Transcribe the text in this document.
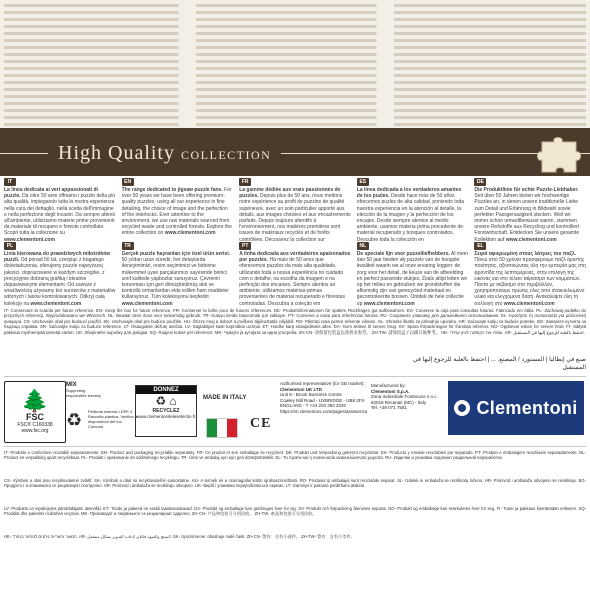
High Quality COLLECTION
IT
La linea dedicata ai veri appassionati di puzzle. Da oltre 50 anni offriamo i puzzle della più alta qualità, impiegando tutta la nostra esperienza nella cura del dettaglio, nella scelta dell'immagine e nella perfezione degli incastri. Da sempre attenti all'ambiente, utilizziamo materie prime provenienti da materiale di recupero e foreste controllate. Scopri tutta la collezione su www.clementoni.com
EN
The range dedicated to jigsaw puzzle fans. For over 50 years we have been offering premium-quality puzzles, using all our experience in fine detailing, the choice of image and the perfection of the interlocks. Ever attentive to the environment, we use raw materials sourced from recycled waste and controlled forests. Explore the entire collection on www.clementoni.com
FR
La gamme dédiée aux vrais passionnés de puzzles. Depuis plus de 50 ans, nous mettons notre expérience au profit de puzzles de qualité supérieure, avec un soin particulier apporté aux détails, aux images choisies et aux encastrements parfaits. Depuis toujours attentifs à l'environnement, nos matières premières sont issues de matériaux recyclés et de forêts contrôlées. Découvrez la collection sur
ES
La línea dedicada a los verdaderos amantes de los puzles. Desde hace más de 50 años ofrecemos puzles de alta calidad, poniendo toda nuestra experiencia en la atención al detalle, la elección de la imagen y la perfección de los encajes. Desde siempre atentos al medio ambiente, usamos materia prima procedente de material recuperado y bosques controlados. Descubre toda la colección en
DE
Die Produktlinie für echte Puzzle-Liebhaber. Seit über 50 Jahren bieten wir hochwertige Puzzles an, in denen unsere traditionelle Liebe zum Detail und Erfahrung in Bildwahl sowie perfekter Passgenauigkeit stecken. Weil wir immer schon umweltbewusst waren, stammen unsere Rohstoffe aus Recycling und kontrolliert Forstwirtschaft. Entdecken Sie unsere gesamte Kollektion auf www.clementoni.com
PL
Linia kierowana do prawdziwych miłośników puzzli. Od ponad 50 lat, czerpiąc z bogatego doświadczenia, oferujemy puzzle najwyższej jakości, dopracowane w każdym szczególe, z precyzyjnie dobraną grafiką i idealnie dopasowanymi elementami. Od zawsze z wrażliwością używamy też surowców z materiałów wtórnych i lasów kontrolowanych. Odkryj całą kolekcję na www.clementoni.com
TR
Gerçek puzzle hayranları için özel ürün serisi. 50 yıldan uzun süredir, her detaylarda deneyimimizi, resim seçimimizi ve birbirine mükemmel uyan parçalarımızı sayesinde birinci sınıf kalitede yapbozlar sunuyoruz. Çevrenin korunması için geri dönüştürülmüş atık ve kontrollü ormanlardan elde edilen ham maddeler kullanıyoruz. Tüm koleksiyonu keşfedin: www.clementoni.com
PT
A linha dedicada aos verdadeiros apaixonados por puzzles. Há mais de 50 anos que oferecemos puzzles da mais alta qualidade, utilizando toda a nossa experiência no cuidado com o detalhe, na escolha da imagem e na perfeição dos encaixes. Sempre atentos ao ambiente, utilizamos matérias-primas provenientes de material recuperado e florestas controladas. Descubra a coleção em
NL
De speciale lijn voor puzzelliefhebbers. Al meer dan 50 jaar bieden wij puzzels van de hoogste kwaliteit waarin we al onze ervaring leggen: de zorg voor het detail, de keuze van de afbeelding en perfect passende stukjes. Zoals altijd letten we op het milieu en gebruiken we grondstoffen die afkomstig zijn van gerecycled materiaal en gecontroleerde bossen. Ontdek de hele collectie op www.clementoni.com
EL
Σειρά αφιερωμένη στους λάτρεις του παζλ. Πάνω από 50 χρόνια προσφέρουμε παζλ άριστης ποιότητας, αξιοποιώντας όλη την εμπειρία μας στη φροντίδα της λεπτομέρειας, στην επιλογή της εικόνας και στο τέλειο ταίριασμα των κομματιών. Πάντα με σεβασμό στο περιβάλλον, χρησιμοποιούμε πρώτες ύλες από ανακυκλωμένο υλικό και ελεγχόμενα δάση. Ανακαλύψτε όλη τη συλλογή στο www.clementoni.com
IT- Conservare la scatola per future referenze. EN- Keep the box for future reference. FR- Conserver la boîte pour de futures références. DE- Produktinformationen für spätere Rückfragen gut aufbewahren. ES- Conserve la caja para consultas futuras. Fabricado em Itália. PL- Zachowaj pudełko do przyszłych referencji. Wyprodukowano we Włoszech. NL- Bewaar deze doos voor toekomstig gebruik. TR- Kutuyu ileride başvurmak için saklayın. PT- Conserve a caixa para referências futuras. RU- Сохраните упаковку для дальнейшего использования. EL- Κρατήστε τη συσκευασία για μελλοντική αναφορά. CS- Uschovejte obal pro budoucí použití. SK- Uschovajte obal pre budúce použitie. HU- Őrizze meg a dobozt a jövőbeni tájékoztatás céljából. RO- Păstrați cutia pentru referințe viitoare. SL- Shranite škatlo za prihodnjo uporabo. HR- Sačuvajte kutiju za buduće potrebe. BG- Запазете кутията за бъдеща справка. SR- Sačuvajte kutiju za buduće reference. LT- Išsaugokite dėžutę ateičiai. LV- Saglabājiet kasti turpmākai uzziņai. ET- Hoidke karp edaspidiseks alles. DA- Gem æsken til senere brug. SV- Spara förpackningen för framtida referens. NO- Oppbevar esken for senere bruk. FI- Säilytä pakkaus myöhempää tarvetta varten. UK- Зберігайте коробку для довідки. SQ- Ruajeni kutinë për referencë. MK- Чувајте ја кутијата за идна употреба. ZH-CN- 请保留包装盒以备将来参考。 ZH-TW- 請保留盒子以備日後參考。 HE- שמרו את הקופסה לעיון עתידי. AR- احتفظ بالعلبة للرجوع إليها في المستقبل.
صنع في إيطاليا | المستورد / المصنع: ... | احتفظ بالعلبة للرجوع إليها في المستقبل
🌲
FSC
FSC® C160338
www.fsc.org
MIX
Supporting
responsible forestry
♻ Pellicola esterna LDPE 4 Raccolta plastica. Verifica le disposizioni del tuo Comune.
DONNEZ
♻ ⌂
RECYCLEZ
www.clementoniteleselectio.fr
MADE IN ITALY
CE
Authorised representative (for GB market):
Clementoni UK LTD
Unit 8 - Brook Business Centre
Cowley Mill Road - UXBRIDGE - UB8 2FX
ENGLAND - T +44 203 383 2020
https://en.clementoni.com/pages/assistenza
Manufactured by:
Clementoni S.p.A.
Zona Industriale Fontenoce s.n.c.
62019 Recanati (MC) - Italy
Tel. +39 071 7581	Clementoni
IT- Prodotto e confezione riciclabili separatamente. EN- Product and packaging recyclable separately. FR- Ce produit et son emballage se recyclent. DE- Produkt und Verpackung getrennt recyclebar. ES- Producto y envase reciclables por separado. PT- Produto e embalagem recicláveis separadamente. NL- Product en verpakking apart recyclebaar. PL- Produkt i opakowanie do oddzielnego recyklingu. TR- Ürün ve ambalaj ayrı ayrı geri dönüştürülebilir. EL- Το προϊόν και η συσκευασία ανακυκλώνονται χωριστά. RU- Изделие и упаковка подлежат раздельной переработке.
CS- Výrobek a obal jsou recyklovatelné zvlášť. SK- Výrobok a obal sú recyklovateľné samostatne. HU- A termék és a csomagolás külön újrahasznosítható. RO- Produsul și ambalajul sunt reciclabile separat. SL- Izdelek in embalaža se reciklirata ločeno. HR- Proizvod i ambalaža odvojeno se recikliraju. BG- Продуктът и опаковката се рециклират поотделно. SR- Proizvod i ambalaža se recikliraju odvojeno. UK- Виріб і упаковка переробляються окремо. LT- Gaminys ir pakuotė perdirbami atskirai.
LV- Produkts un iepakojums pārstrādājami atsevišķi. ET- Toode ja pakend on eraldi taaskasutatavad. DA- Produkt og emballage kan genbruges hver for sig. SV- Produkt och förpackning återvinns separat. NO- Produkt og emballasje kan resirkuleres hver for seg. FI- Tuote ja pakkaus kierrätetään erikseen. SQ- Produkti dhe paketimi riciklohen veçmas. MK- Производот и пакувањето се рециклираат одделно. ZH-CN- 产品和包装可分别回收。 ZH-TW- 產品和包裝可分別回收。
HE- המוצר והאריזה ניתנים למחזור בנפרד. AR- المنتج والعبوة قابلان لإعادة التدوير بشكل منفصل. SK- Upozornenie: obsahuje malé časti. ZH-CN- 警告：含有小部件。 ZH-TW- 警告：含有小零件。
